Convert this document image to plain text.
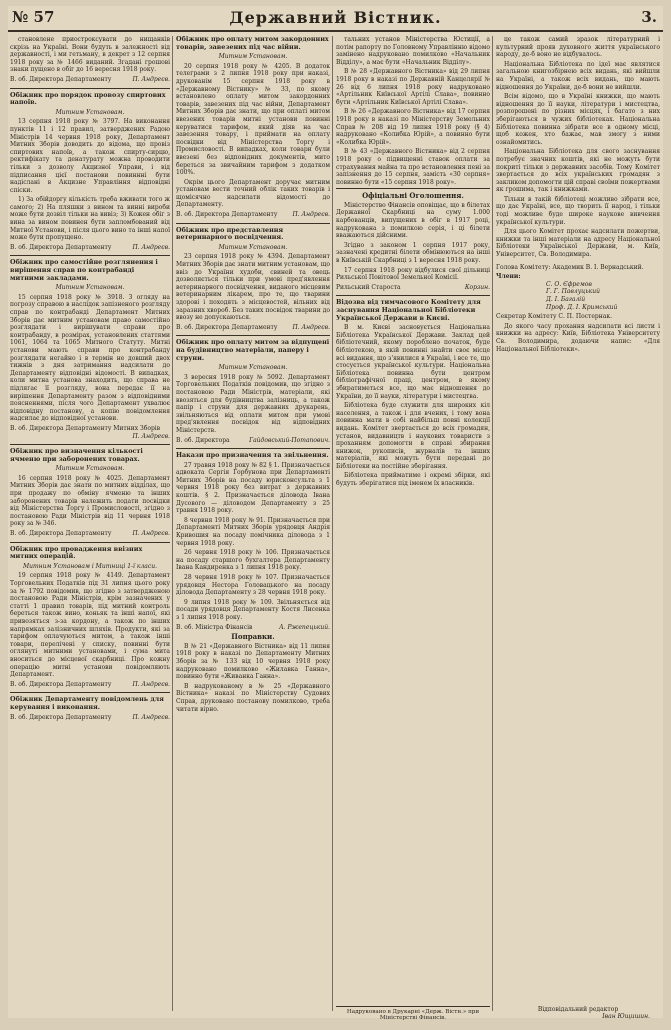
№ 57	Державний Вістник.	3.

становлене приостроксувати до нищанків скрізь на Україні. Вони будуть в залежності від державності, і ми гетьману, в декрет з 12 серпня 1918 року за № 1466 виданий. Згадані грошові знаки пущено в обіг до 16 вересня 1918 року.

В. об. Директора Департаменту	П. Андреєв.

Обіжник про порядок провозу спиртових напоїв.

Митним Установам.

13 серпня 1918 року № 3797. На виконання пунктів 11 і 12 правил, затверджених Радою Міністрів 14 червня 1918 року, Департамент Митних Зборів доводить до відома, що провіз спиртових напоїв, а також спирту-сирцю, ректифікату та денатурату можна проводити тільки з дозволу Акцизної Управи, і від підписання цієї постанови повиннні бути надіслані в Акцизне Управління відповідні спіски.

1) За обійдоргу кількість треба вживати того ж самого; 2) На пляшки з вином та винні вироби може бути дозвіл тільки на вивіз; 3) Кожен обіг з вина за вином повинен бути запломбований від Митної Установи, і після цього вино та інші напої може бути пропущено.

В. об. Директора Департаменту	П. Андреєв.

Обіжник про самостійне розглянення і вирішення справ по контрабанді митними закладами.

Митним Установам.

15 серпня 1918 року № 3918. З огляду на погрозу справою в наслідок запізненого розгляду справ по контрабанді Департамент Митних Зборів дає митним установам право самостійно розглядати і вирішувати справи про контрабанду, в розмірах, установлених статтями 1061, 1064 та 1065 Митного Статуту. Митні установи мають справи про контрабанду розглядати негайно і в термін не довший двох тижнів з дня затримання надсилати до Департаменту відповідні відомості. В випадках, коли митна установа знаходить, що справа не підлягає її розгляду, вона передає її на вирішення Департаменту разом з відповідними поясненнями, після чого Департамент ухвалює відповідну постанову, а копію повідомлення надсилає до відповідної установи.

В. об. Директора Департаменту Митних Зборів
П. Андреєв.

Обіжник про визначення кількості ячменю при заборонених товарах.

Митним Установам.

16 серпня 1918 року № 4025. Департамент Митних Зборів дає знати по митних відділах, що при продажу по обміну ячменю та інших заборонених товарів належить подати посвідки від Міністерства Торгу і Промисловості, згідно з постановою Ради Міністрів від 11 червня 1918 року за № 346.

В. об. Директора Департаменту	П. Андреєв.

Обіжник про провадження ввізних митних операцій.

Митним Установам і Митниці 1-ї класи.

19 серпня 1918 року № 4149. Департамент Торговельних Податків під 31 липня цього року за № 1792 повідомив, що згідно з затвердженою постановою Ради Міністрів, крім зазначених у статті 1 правил товарів, під митний контроль береться також вино, коньяк та інші напої, які привозяться з-за кордону, а також по інших напрямках залізничних шляхів. Продукти, які за тарифом оплачуються митом, а також інші товари, перелічені у списку, повинні бути оглянуті митними установами, і сума мита вноситься до місцевої скарбниці. Про кожну операцію митні установи повідомляють Департамент.

В. об. Директора Департаменту	П. Андреєв.

Обіжник Департаменту повідомлень для керування і виконання.

В. об. Директора Департаменту	П. Андреєв.

Обіжник про оплату митом закордонних товарів, завезених під час війни.

Митним Установам.

20 серпня 1918 року № 4205. В додаток телеграми з 2 липня 1918 року при наказі, друкованім 15 серпня 1918 року в «Державному Вістнику» № 33, по якому встановлено оплату митом закордонних товарів, завезених під час війни, Департамент Митних Зборів дає знати, що при оплаті митом ввезених товарів митні установи повинні керуватися тарифом, який діяв на час завезення товару, і приймати на оплату посвідки від Міністерства Торгу і Промисловості. В випадках, коли товари були ввезені без відповідних документів, мито береться за звичайним тарифом з додатком 100%.

Окрім цього Департамент доручає митним установам вести точний облік таких товарів і щомісячно надсилати відомості до Департаменту.

В. об. Директора Департаменту	П. Андреєв.

Обіжник про представлення ветеринарного посвідчення.

Митним Установам.

23 серпня 1918 року № 4394. Департамент Митних Зборів дає знати митним установам, що ввіз до України худоби, свиней та овець дозволяється тільки при умові пред'явлення ветеринарного посвідчення, виданого місцевим ветеринарним лікарем, про те, що тварини здорові і походять з місцевостей, вільних від заразних хвороб. Без таких посвідок тварини до ввозу не допускаються.

В. об. Директора Департаменту	П. Андреєв.

Обіжник про оплату митом за відпущені на будівництво матеріали, паперу і струни.

Митним Установам.

3 вересня 1918 року № 5092. Департамент Торговельних Податків повідомив, що згідно з постановою Ради Міністрів, матеріали, які ввозяться для будівництва залізниць, а також папір і струни для державних друкарень, звільняються від оплати митом при умові пред'явлення посвідок від відповідних Міністерств.

В. об. Директора	Гайдовський-Потапович.

Накази про призначення та звільнення.

27 травня 1918 року № 82 § 1. Призначається адвоката Сергія Горбунова при Департаменті Митних Зборів на посаду юрисконсульта з 1 червня 1918 року без витрат з державних коштів. § 2. Призначається діловода Івана Дусового — діловодом Департаменту з 25 травня 1918 року.

8 червня 1918 року № 91. Призначається при Департаменті Митних Зборів урядовця Андрія Кривошия на посаду помічника діловода з 1 червня 1918 року.

26 червня 1918 року № 106. Призначається на посаду старшого бухгалтера Департаменту Івана Кандиренка з 1 липня 1918 року.

28 червня 1918 року № 107. Призначається урядовця Нестора Головацького на посаду діловода Департаменту з 28 червня 1918 року.

9 липня 1918 року № 109. Звільняється від посади урядовця Департаменту Костя Лисенка з 1 липня 1918 року.

В. об. Міністра Фінансів	А. Ржепецький.

Поправки.

В № 21 «Державного Вістника» від 11 липня 1918 року в наказі по Департаменту Митних Зборів за № 133 від 10 червня 1918 року надруковано помилково «Жилавка Ганна», повинно бути «Живанка Ганна».

В надрукованому в № 25 «Державного Вістника» наказі по Міністерству Судових Справ, друковано постанову помилково, треба читати вірно.

тальних установ Міністерства Юстиції, а потім рапорту по Головному Управлінню відомо замінено надруковано помилково «Начальник Відділу», а має бути «Начальник Відділу».

В № 28 «Державного Вістника» від 29 липня 1918 року в наказі по Державній Канцелярії № 26 від 6 липня 1918 року надруковано «Артільник Київської Артілі Слава», повинно бути «Артільник Київської Артілі Слава».

В № 26 «Державного Вістника» від 17 серпня 1918 року в наказі по Міністерству Земельних Справ № 208 від 19 липня 1918 року (§ 4) надруковано «Колибка Юрій», а повинно бути «Колибка Юрій».

В № 43 «Державного Вістника» від 2 серпня 1918 року о підвищенні ставок оплати за страхування майна та про встановлення пені за запізнення до 15 серпня, замість «30 серпня» повинно бути «15 серпня 1918 року».

Офіціальні Оголошення.

Міністерство Фінансів оповіщає, що в білетах Державної Скарбниці на суму 1.000 карбованців, випущених в обіг в 1917 році, надрукована з помилкою серія, і ці білети вважаються дійсними.

Згідно з законом 1 серпня 1917 року, зазначені кредитні білети обмінюються на інші в Київській Скарбниці з 1 вересня 1918 року.

17 серпня 1918 року відбулися свої дільниці Рильської Повітової Земельної Комісії.

Рильський Староста	Корзин.

Відозва від тимчасового Комітету для заснування Національної Бібліотеки Української Держави в Києві.

В м. Києві засновується Національна Бібліотека Української Держави. Заклад цей бібліотечний, якому пороблено початок, буде бібліотекою, в якій повинні знайти своє місце всі видання, що з'явилися в Україні, і все те, що стосується української культури. Національна Бібліотека повинна бути центром бібліографічної праці, центром, в якому збиратиметься все, що має відношення до України, до її науки, літератури і мистецтва.

Бібліотека буде служити для широких кіл населення, а також і для вчених, і тому вона повинна мати в собі найбільш повні колекції видань. Комітет звертається до всіх громадян, установ, видавництв і наукових товариств з проханням допомогти в справі збирання книжок, рукописів, журналів та інших матеріалів, які можуть бути передані до Бібліотеки на постійне зберігання.

Бібліотека прийматиме і окремі збірки, які будуть зберігатися під іменем їх власників.

Надруковано в Друкарні «Держ. Вістн.» при Міністерстві Фінансів.

це також самий зразок літературний і культурний прояв духовного життя українського народу, де-б воно не відбувалось.

Національна Бібліотека по ідеї має являтися загальною книгозбірнею всіх видань, які вийшли на Україні, а також всіх видань, що мають відношення до України, де-б вони не вийшли.

Всім відомо, що в Україні книжки, що мають відношення до її науки, літератури і мистецтва, розпорошені по різних місцях, і багато з них зберігаються в чужих бібліотеках. Національна Бібліотека повинна зібрати все в одному місці, щоб кожен, хто бажає, мав змогу з ними ознайомитись.

Національна Бібліотека для свого заснування потребує значних коштів, які не можуть бути покриті тільки з державних засобів. Тому Комітет звертається до всіх українських громадян з закликом допомогти цій справі своїми пожертвами як грошима, так і книжками.

Тільки в такій бібліотеці можливо зібрати все, що дає Україні, все, що творить її народ, і тільки тоді можливе буде широке наукове вивчення української культури.

Для цього Комітет прохає надсилати пожертви, книжки та інші матеріали на адресу Національної Бібліотеки Української Держави, м. Київ, Університет, Св. Володимира.

Голова Комітету: Академик В. І. Вернадський.

Члени:
С. О. Єфремов
Г. Г. Павлуцький
Д. І. Багалій
Проф. Д. І. Кримський

Секретар Комітету С. П. Постернак.

До якого часу прохання надсилати всі листи і книжки на адресу: Київ, Бібліотека Університету Св. Володимира, додаючи напис: «Для Національної Бібліотеки».

Відповідальний редактор
Іван Ющишин.
